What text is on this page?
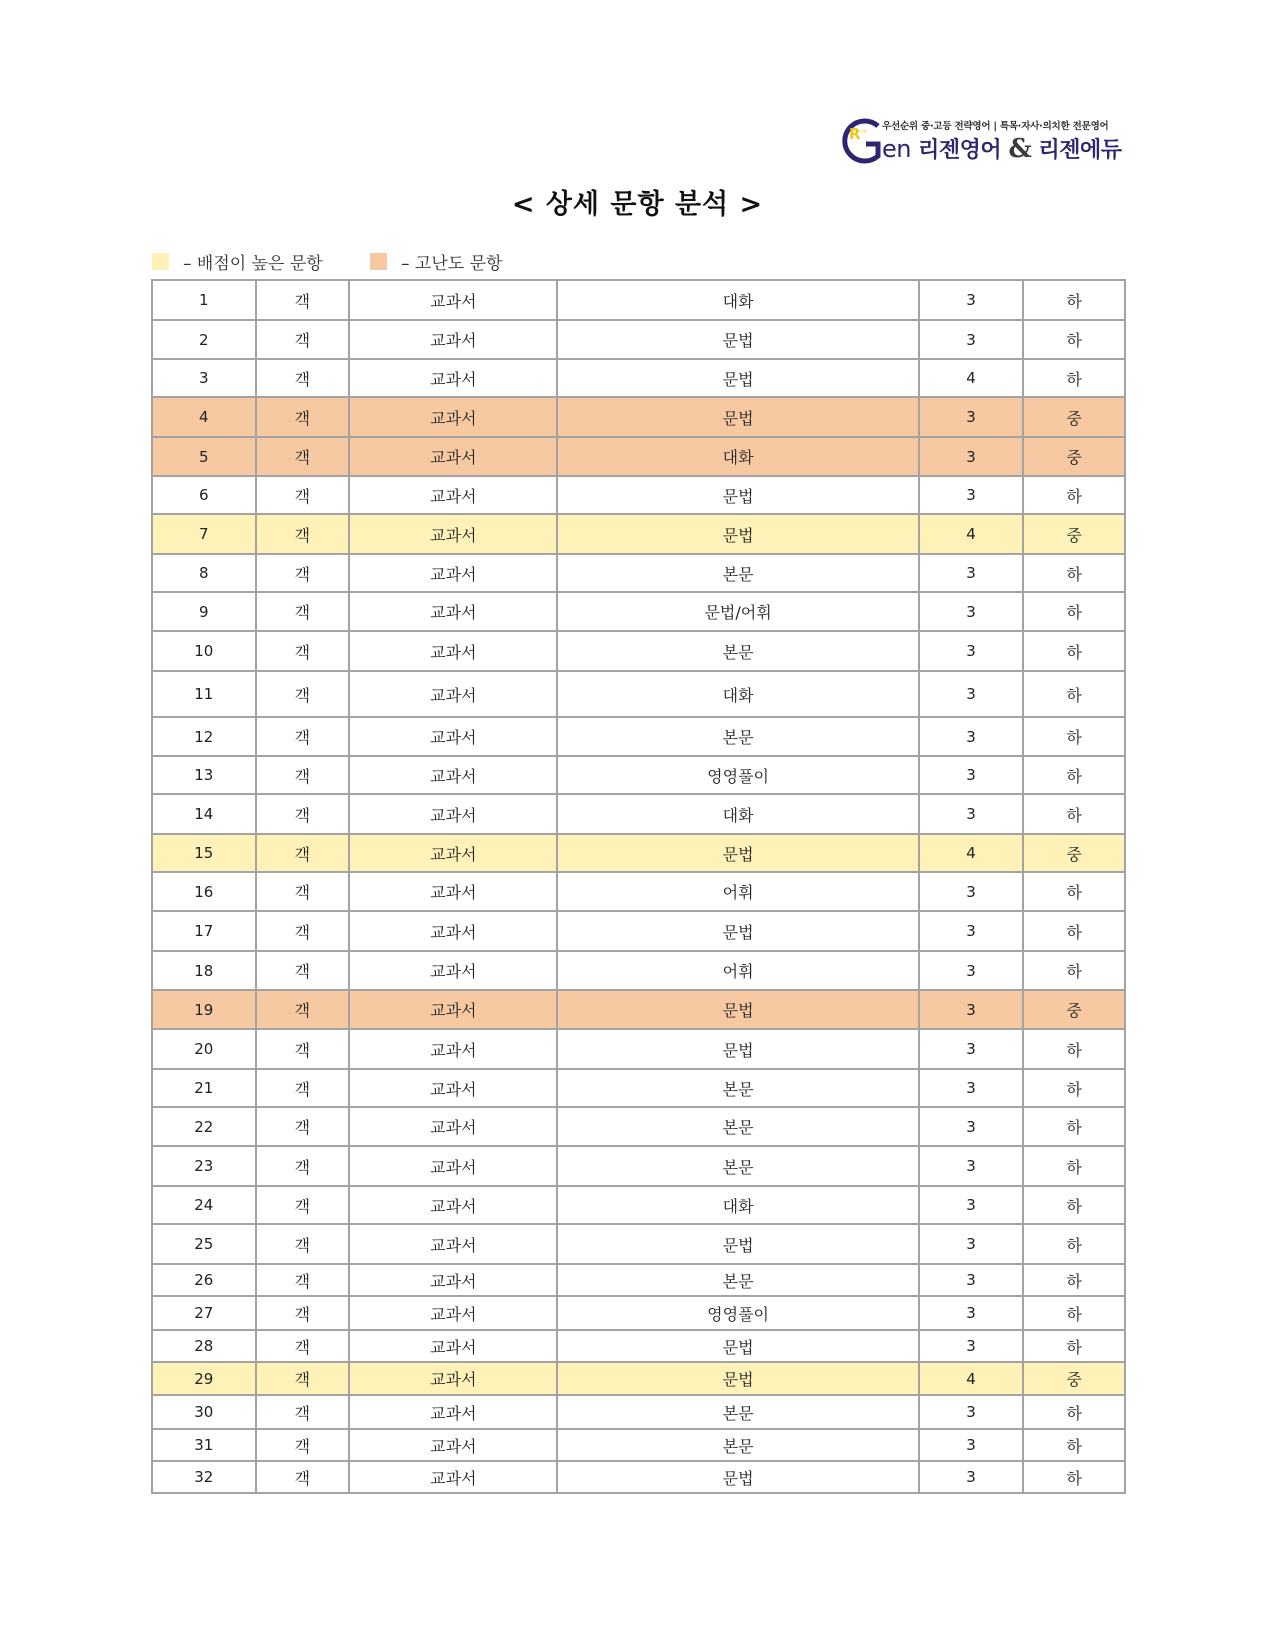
R
리젠 우선순위 중·고등 전략영어 | 특목·자사·의치한 전문영어
en 리젠영어 & 리젠에듀
< 상세 문항 분석 >
– 배점이 높은 문항	– 고난도 문항
1	객	교과서	대화	3	하
2	객	교과서	문법	3	하
3	객	교과서	문법	4	하
4	객	교과서	문법	3	중
5	객	교과서	대화	3	중
6	객	교과서	문법	3	하
7	객	교과서	문법	4	중
8	객	교과서	본문	3	하
9	객	교과서	문법/어휘	3	하
10	객	교과서	본문	3	하
11	객	교과서	대화	3	하
12	객	교과서	본문	3	하
13	객	교과서	영영풀이	3	하
14	객	교과서	대화	3	하
15	객	교과서	문법	4	중
16	객	교과서	어휘	3	하
17	객	교과서	문법	3	하
18	객	교과서	어휘	3	하
19	객	교과서	문법	3	중
20	객	교과서	문법	3	하
21	객	교과서	본문	3	하
22	객	교과서	본문	3	하
23	객	교과서	본문	3	하
24	객	교과서	대화	3	하
25	객	교과서	문법	3	하
26	객	교과서	본문	3	하
27	객	교과서	영영풀이	3	하
28	객	교과서	문법	3	하
29	객	교과서	문법	4	중
30	객	교과서	본문	3	하
31	객	교과서	본문	3	하
32	객	교과서	문법	3	하
